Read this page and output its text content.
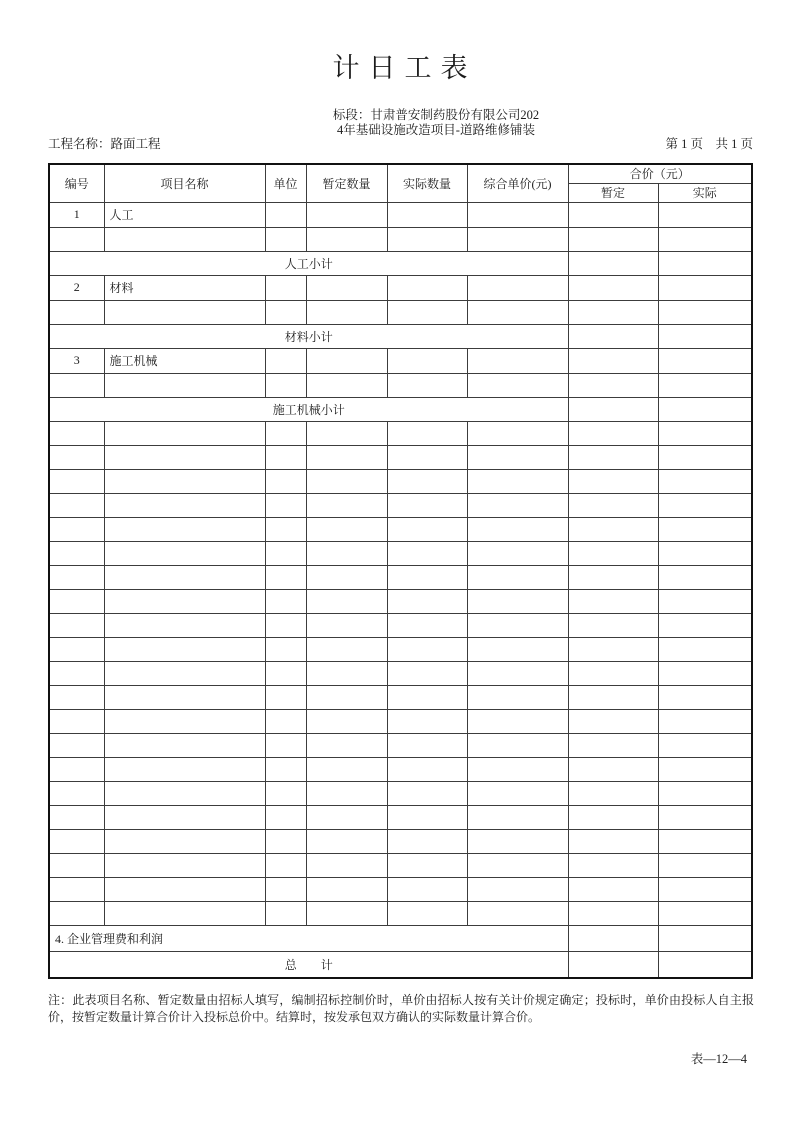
计日工表
标段：甘肃普安制药股份有限公司202
4年基础设施改造项目-道路维修铺装
工程名称：路面工程	第 1 页　共 1 页
编号	项目名称	单位	暂定数量	实际数量	综合单价(元)	合价（元）	
						暂定	实际
1	人工						

人工小计							
2	材料						

材料小计							
3	施工机械						

施工机械小计							

4. 企业管理费和利润							
总　　计							

注：此表项目名称、暂定数量由招标人填写，编制招标控制价时，单价由招标人按有关计价规定确定；投标时，单价由投标人自主报价，按暂定数量计算合价计入投标总价中。结算时，按发承包双方确认的实际数量计算合价。

表—12—4
